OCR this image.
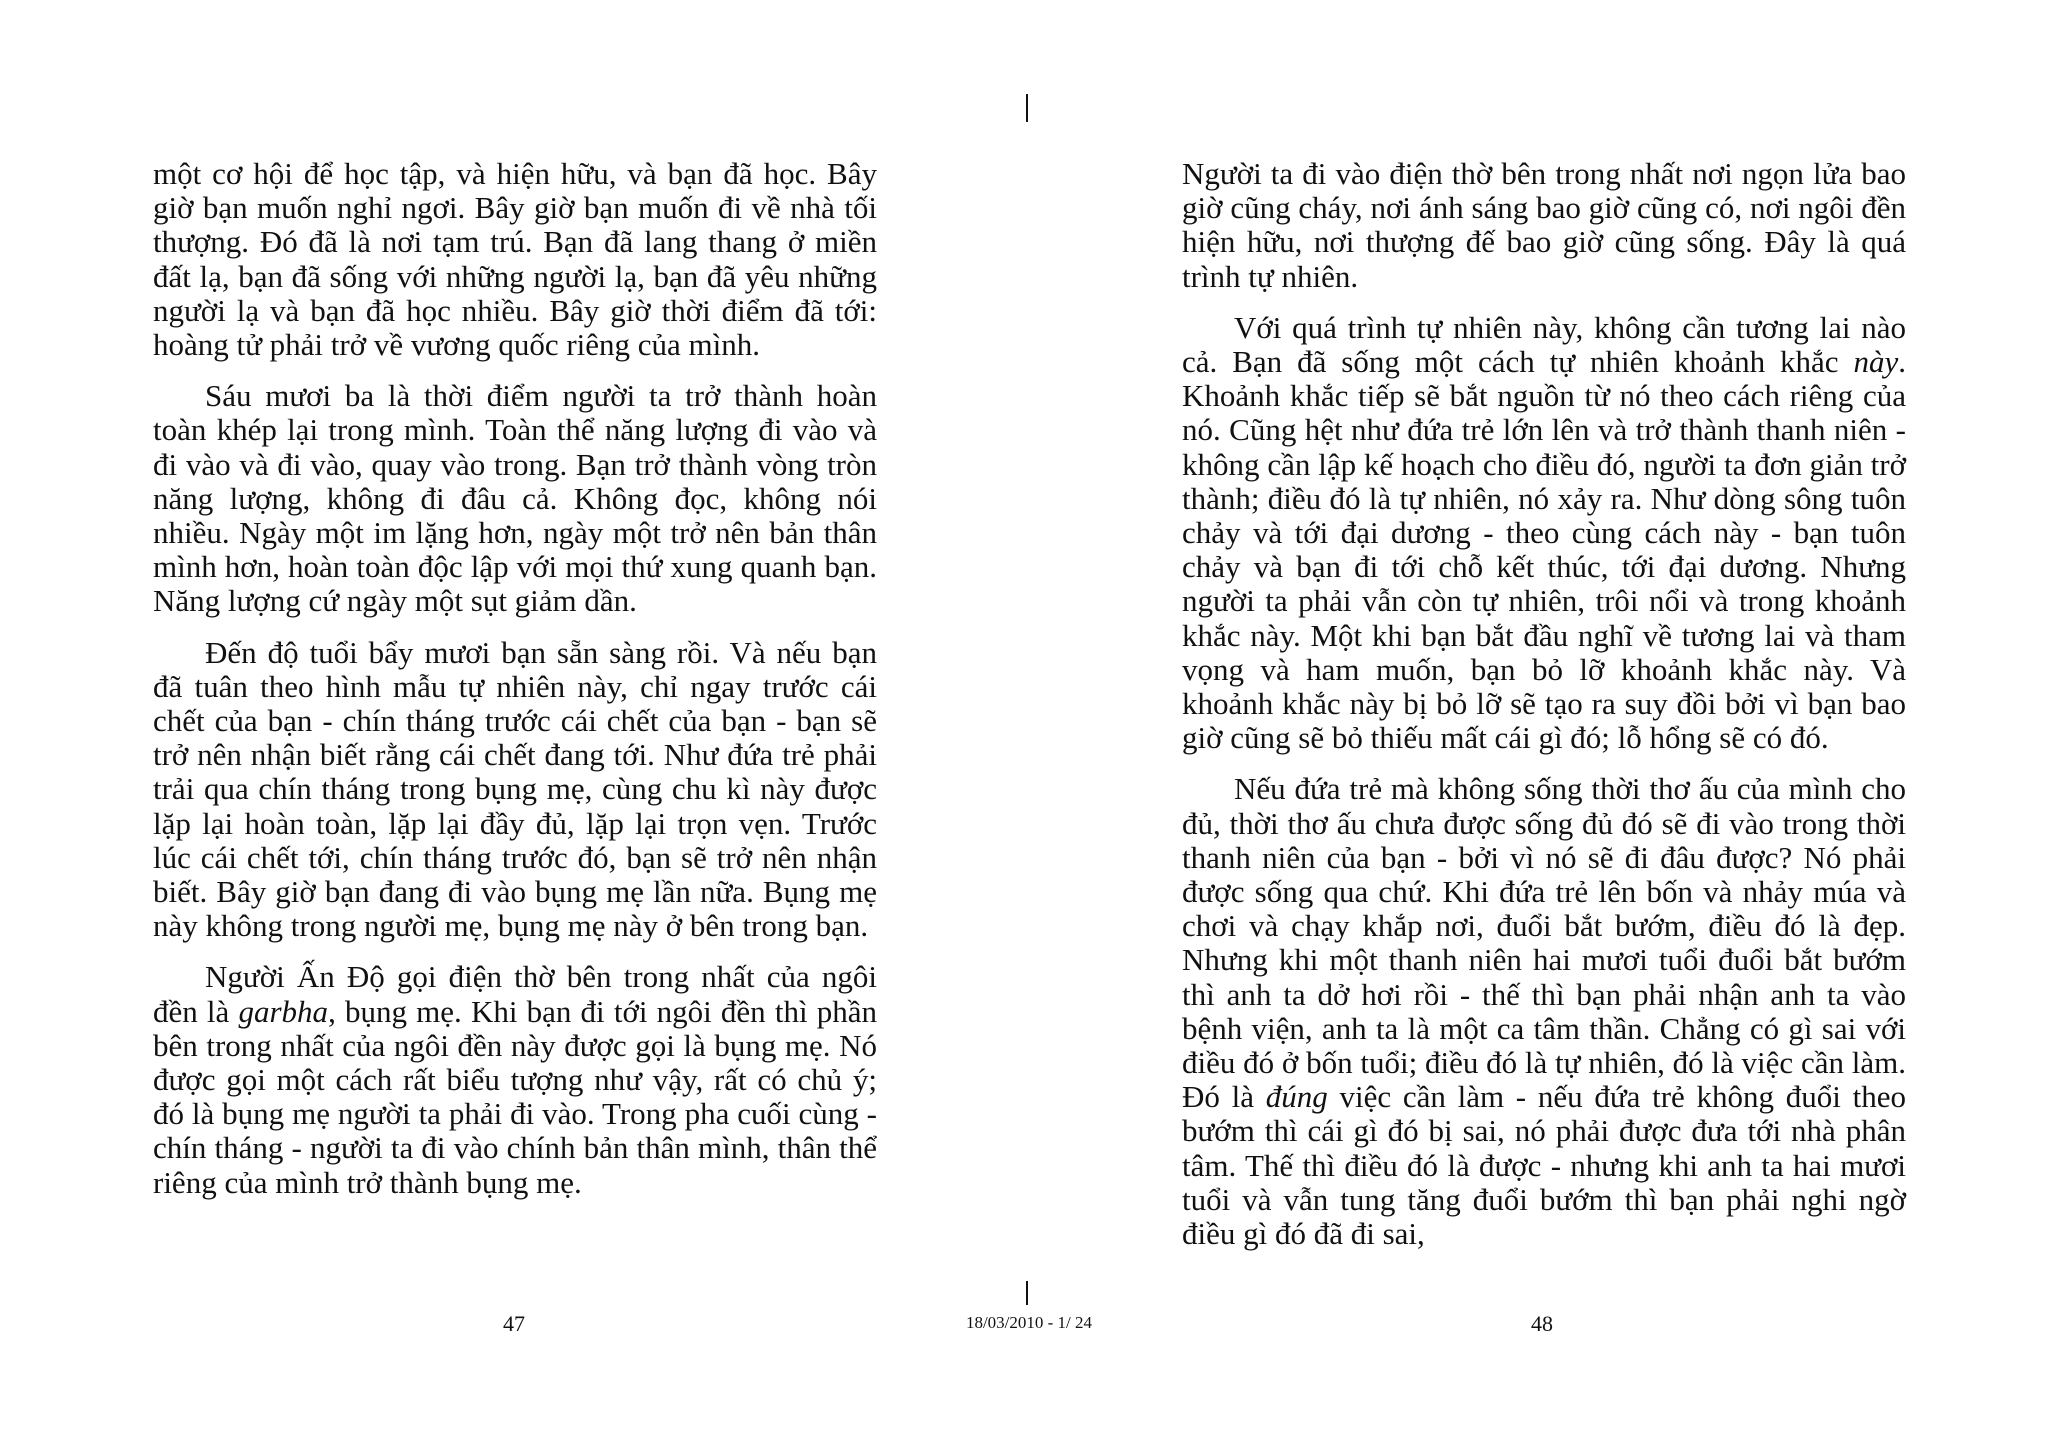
một cơ hội để học tập, và hiện hữu, và bạn đã học. Bây giờ bạn muốn nghỉ ngơi. Bây giờ bạn muốn đi về nhà tối thượng. Đó đã là nơi tạm trú. Bạn đã lang thang ở miền đất lạ, bạn đã sống với những người lạ, bạn đã yêu những người lạ và bạn đã học nhiều. Bây giờ thời điểm đã tới: hoàng tử phải trở về vương quốc riêng của mình.

Sáu mươi ba là thời điểm người ta trở thành hoàn toàn khép lại trong mình. Toàn thể năng lượng đi vào và đi vào và đi vào, quay vào trong. Bạn trở thành vòng tròn năng lượng, không đi đâu cả. Không đọc, không nói nhiều. Ngày một im lặng hơn, ngày một trở nên bản thân mình hơn, hoàn toàn độc lập với mọi thứ xung quanh bạn. Năng lượng cứ ngày một sụt giảm dần.

Đến độ tuổi bẩy mươi bạn sẵn sàng rồi. Và nếu bạn đã tuân theo hình mẫu tự nhiên này, chỉ ngay trước cái chết của bạn - chín tháng trước cái chết của bạn - bạn sẽ trở nên nhận biết rằng cái chết đang tới. Như đứa trẻ phải trải qua chín tháng trong bụng mẹ, cùng chu kì này được lặp lại hoàn toàn, lặp lại đầy đủ, lặp lại trọn vẹn. Trước lúc cái chết tới, chín tháng trước đó, bạn sẽ trở nên nhận biết. Bây giờ bạn đang đi vào bụng mẹ lần nữa. Bụng mẹ này không trong người mẹ, bụng mẹ này ở bên trong bạn.

Người Ấn Độ gọi điện thờ bên trong nhất của ngôi đền là garbha, bụng mẹ. Khi bạn đi tới ngôi đền thì phần bên trong nhất của ngôi đền này được gọi là bụng mẹ. Nó được gọi một cách rất biểu tượng như vậy, rất có chủ ý; đó là bụng mẹ người ta phải đi vào. Trong pha cuối cùng - chín tháng - người ta đi vào chính bản thân mình, thân thể riêng của mình trở thành bụng mẹ.

Người ta đi vào điện thờ bên trong nhất nơi ngọn lửa bao giờ cũng cháy, nơi ánh sáng bao giờ cũng có, nơi ngôi đền hiện hữu, nơi thượng đế bao giờ cũng sống. Đây là quá trình tự nhiên.

Với quá trình tự nhiên này, không cần tương lai nào cả. Bạn đã sống một cách tự nhiên khoảnh khắc này. Khoảnh khắc tiếp sẽ bắt nguồn từ nó theo cách riêng của nó. Cũng hệt như đứa trẻ lớn lên và trở thành thanh niên - không cần lập kế hoạch cho điều đó, người ta đơn giản trở thành; điều đó là tự nhiên, nó xảy ra. Như dòng sông tuôn chảy và tới đại dương - theo cùng cách này - bạn tuôn chảy và bạn đi tới chỗ kết thúc, tới đại dương. Nhưng người ta phải vẫn còn tự nhiên, trôi nổi và trong khoảnh khắc này. Một khi bạn bắt đầu nghĩ về tương lai và tham vọng và ham muốn, bạn bỏ lỡ khoảnh khắc này. Và khoảnh khắc này bị bỏ lỡ sẽ tạo ra suy đồi bởi vì bạn bao giờ cũng sẽ bỏ thiếu mất cái gì đó; lỗ hổng sẽ có đó.

Nếu đứa trẻ mà không sống thời thơ ấu của mình cho đủ, thời thơ ấu chưa được sống đủ đó sẽ đi vào trong thời thanh niên của bạn - bởi vì nó sẽ đi đâu được? Nó phải được sống qua chứ. Khi đứa trẻ lên bốn và nhảy múa và chơi và chạy khắp nơi, đuổi bắt bướm, điều đó là đẹp. Nhưng khi một thanh niên hai mươi tuổi đuổi bắt bướm thì anh ta dở hơi rồi - thế thì bạn phải nhận anh ta vào bệnh viện, anh ta là một ca tâm thần. Chẳng có gì sai với điều đó ở bốn tuổi; điều đó là tự nhiên, đó là việc cần làm. Đó là đúng việc cần làm - nếu đứa trẻ không đuổi theo bướm thì cái gì đó bị sai, nó phải được đưa tới nhà phân tâm. Thế thì điều đó là được - nhưng khi anh ta hai mươi tuổi và vẫn tung tăng đuổi bướm thì bạn phải nghi ngờ điều gì đó đã đi sai,

47	18/03/2010 - 1/ 24	48
